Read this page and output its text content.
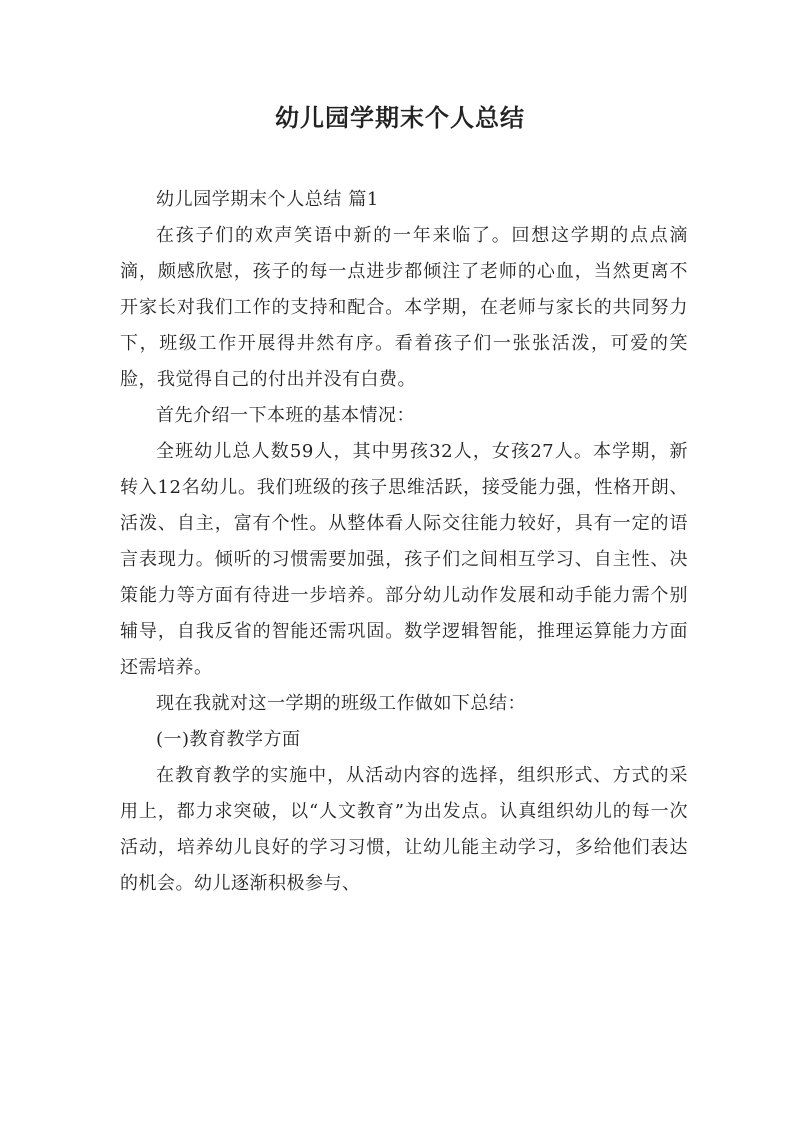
幼儿园学期末个人总结

幼儿园学期末个人总结 篇1

在孩子们的欢声笑语中新的一年来临了。回想这学期的点点滴滴，颇感欣慰，孩子的每一点进步都倾注了老师的心血，当然更离不开家长对我们工作的支持和配合。本学期，在老师与家长的共同努力下，班级工作开展得井然有序。看着孩子们一张张活泼，可爱的笑脸，我觉得自己的付出并没有白费。

首先介绍一下本班的基本情况：

全班幼儿总人数59人，其中男孩32人，女孩27人。本学期，新转入12名幼儿。我们班级的孩子思维活跃，接受能力强，性格开朗、活泼、自主，富有个性。从整体看人际交往能力较好，具有一定的语言表现力。倾听的习惯需要加强，孩子们之间相互学习、自主性、决策能力等方面有待进一步培养。部分幼儿动作发展和动手能力需个别辅导，自我反省的智能还需巩固。数学逻辑智能，推理运算能力方面还需培养。

现在我就对这一学期的班级工作做如下总结：

(一)教育教学方面

在教育教学的实施中，从活动内容的选择，组织形式、方式的采用上，都力求突破，以“人文教育”为出发点。认真组织幼儿的每一次活动，培养幼儿良好的学习习惯，让幼儿能主动学习，多给他们表达的机会。幼儿逐渐积极参与、
